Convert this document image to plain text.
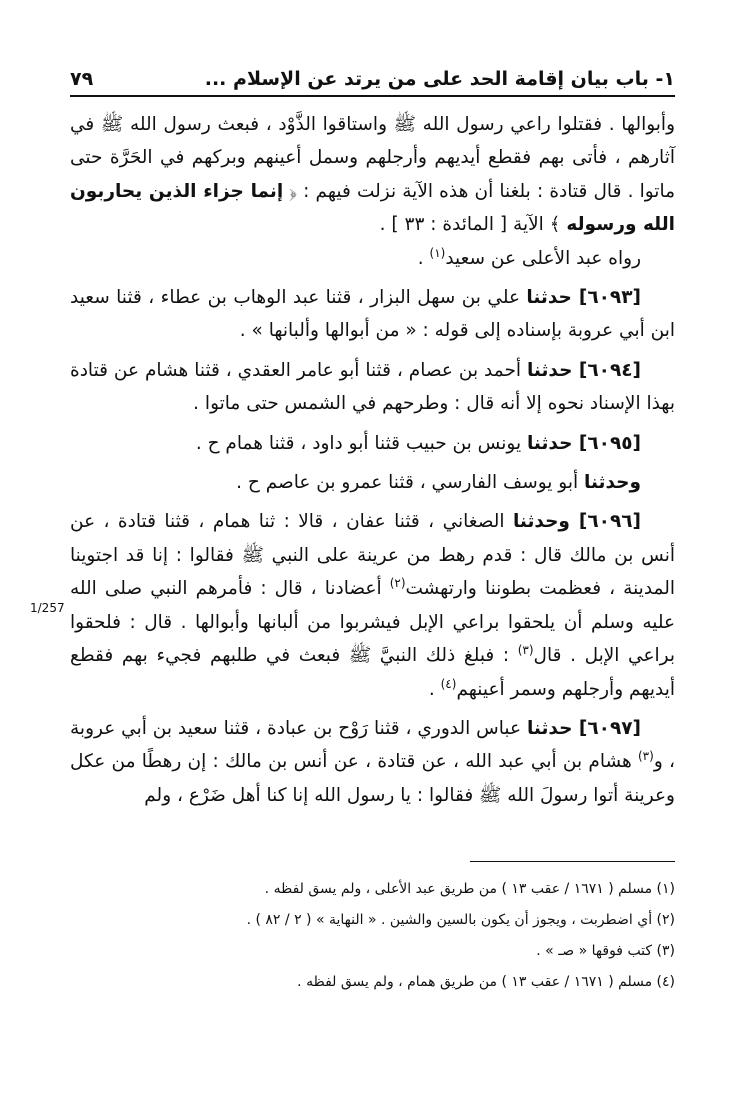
١- باب بيان إقامة الحد على من يرتد عن الإسلام ...
٧٩
1/257

وأبوالها . فقتلوا راعي رسول الله ﷺ واستاقوا الذَّوْد ، فبعث رسول الله ﷺ في آثارهم ، فأتى بهم فقطع أيديهم وأرجلهم وسمل أعينهم وبركهم في الحَرَّة حتى ماتوا . قال قتادة : بلغنا أن هذه الآية نزلت فيهم : ﴿ إنما جزاء الذين يحاربون الله ورسوله ﴾ الآية [ المائدة : ٣٣ ] .

رواه عبد الأعلى عن سعيد$^{(١)}$ .

[٦٠٩٣] حدثنا علي بن سهل البزار ، قثنا عبد الوهاب بن عطاء ، قثنا سعيد ابن أبي عروبة بإسناده إلى قوله : « من أبوالها وألبانها » .

[٦٠٩٤] حدثنا أحمد بن عصام ، قثنا أبو عامر العقدي ، قثنا هشام عن قتادة بهذا الإسناد نحوه إلا أنه قال : وطرحهم في الشمس حتى ماتوا .

[٦٠٩٥] حدثنا يونس بن حبيب قثنا أبو داود ، قثنا همام ح .

وحدثنا أبو يوسف الفارسي ، قثنا عمرو بن عاصم ح .

[٦٠٩٦] وحدثنا الصغاني ، قثنا عفان ، قالا : ثنا همام ، قثنا قتادة ، عن أنس بن مالك قال : قدم رهط من عرينة على النبي ﷺ فقالوا : إنا قد اجتوينا المدينة ، فعظمت بطوننا وارتهشت$^{(٢)}$ أعضادنا ، قال : فأمرهم النبي صلى الله عليه وسلم أن يلحقوا براعي الإبل فيشربوا من ألبانها وأبوالها . قال : فلحقوا براعي الإبل . قال$^{(٣)}$ : فبلغ ذلك النبيَّ ﷺ فبعث في طلبهم فجيء بهم فقطع أيديهم وأرجلهم وسمر أعينهم$^{(٤)}$ .

[٦٠٩٧] حدثنا عباس الدوري ، قثنا رَوْح بن عبادة ، قثنا سعيد بن أبي عروبة ، و$^{(٣)}$ هشام بن أبي عبد الله ، عن قتادة ، عن أنس بن مالك : إن رهطًا من عكل وعرينة أتوا رسولَ الله ﷺ فقالوا : يا رسول الله إنا كنا أهل ضَرْع ، ولم

(١) مسلم ( ١٦٧١ / عقب ١٣ ) من طريق عبد الأعلى ، ولم يسق لفظه .
(٢) أي اضطربت ، ويجوز أن يكون بالسين والشين . « النهاية » ( ٢ / ٨٢ ) .
(٣) كتب فوقها « صـ » .
(٤) مسلم ( ١٦٧١ / عقب ١٣ ) من طريق همام ، ولم يسق لفظه .
